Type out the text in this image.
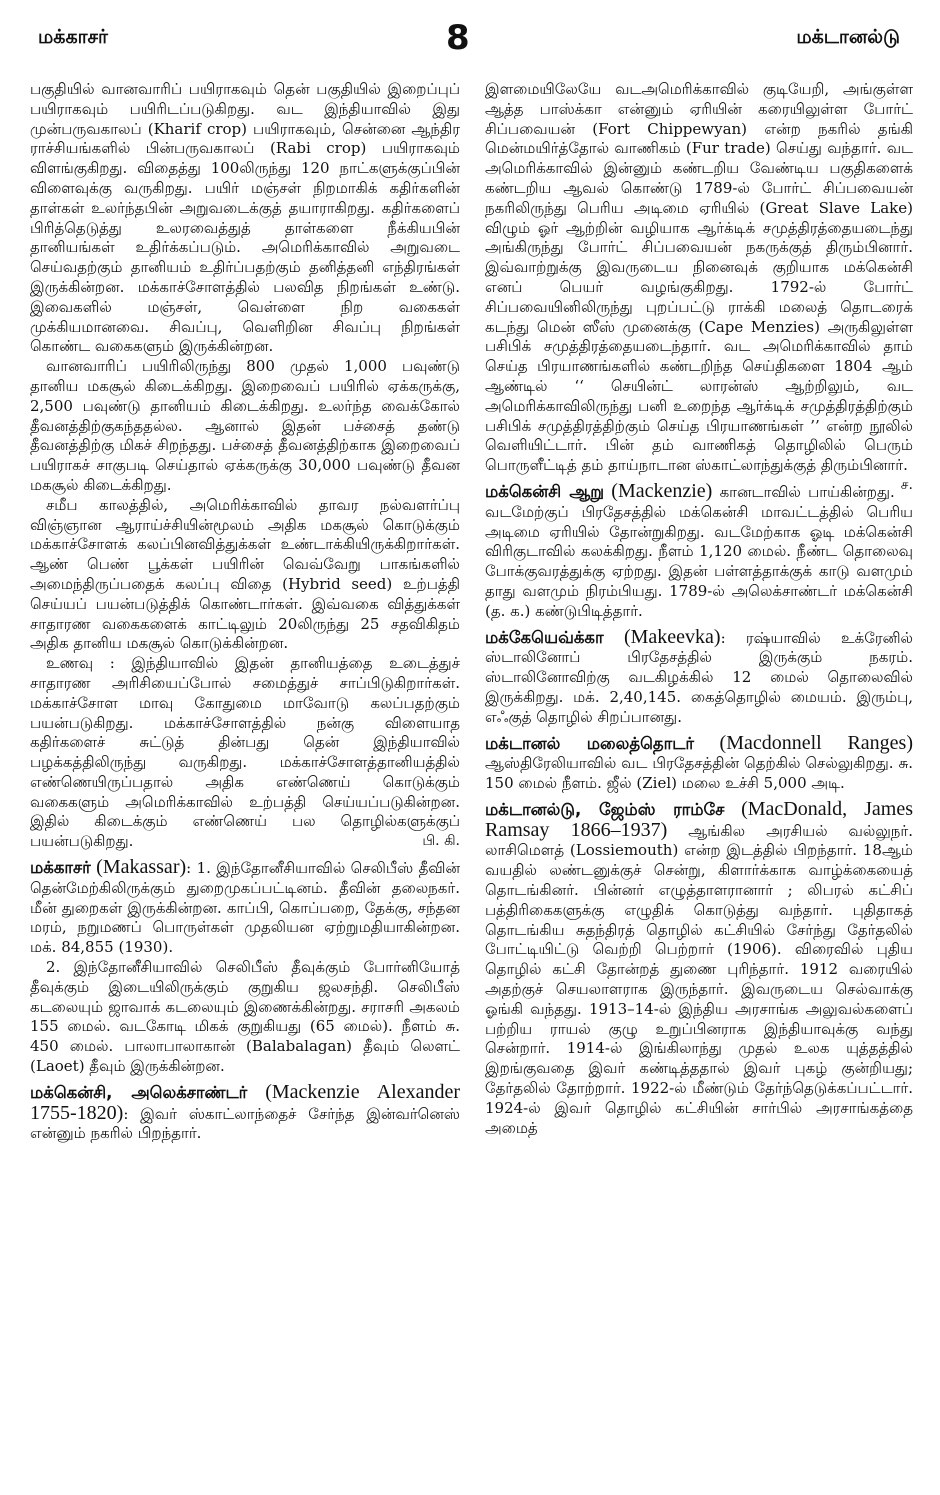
மக்காசர்	8	மக்டானல்டு

பகுதியில் வானவாரிப் பயிராகவும் தென் பகுதியில் இறைப்புப் பயிராகவும் பயிரிடப்படுகிறது. வட இந்தியாவில் இது முன்பருவகாலப் (Kharif crop) பயிராகவும், சென்னை ஆந்திர ராச்சியங்களில் பின்பருவகாலப் (Rabi crop) பயிராகவும் விளங்குகிறது. விதைத்து 100லிருந்து 120 நாட்களுக்குப்பின் விளைவுக்கு வருகிறது. பயிர் மஞ்சள் நிறமாகிக் கதிர்களின் தாள்கள் உலர்ந்தபின் அறுவடைக்குத் தயாராகிறது. கதிர்களைப் பிரித்தெடுத்து உலரவைத்துத் தாள்களை நீக்கியபின் தானியங்கள் உதிர்க்கப்படும். அமெரிக்காவில் அறுவடை செய்வதற்கும் தானியம் உதிர்ப்பதற்கும் தனித்தனி எந்திரங்கள் இருக்கின்றன. மக்காச்சோளத்தில் பலவித நிறங்கள் உண்டு. இவைகளில் மஞ்சள், வெள்ளை நிற வகைகள் முக்கியமானவை. சிவப்பு, வெளிறின சிவப்பு நிறங்கள் கொண்ட வகைகளும் இருக்கின்றன.

வானவாரிப் பயிரிலிருந்து 800 முதல் 1,000 பவுண்டு தானிய மகசூல் கிடைக்கிறது. இறைவைப் பயிரில் ஏக்கருக்கு, 2,500 பவுண்டு தானியம் கிடைக்கிறது. உலர்ந்த வைக்கோல் தீவனத்திற்குகந்ததல்ல. ஆனால் இதன் பச்சைத் தண்டு தீவனத்திற்கு மிகச் சிறந்தது. பச்சைத் தீவனத்திற்காக இறைவைப் பயிராகச் சாகுபடி செய்தால் ஏக்கருக்கு 30,000 பவுண்டு தீவன மகசூல் கிடைக்கிறது.

சமீப காலத்தில், அமெரிக்காவில் தாவர நல்வளர்ப்பு விஞ்ஞான ஆராய்ச்சியின்மூலம் அதிக மகசூல் கொடுக்கும் மக்காச்சோளக் கலப்பினவித்துக்கள் உண்டாக்கியிருக்கிறார்கள். ஆண் பெண் பூக்கள் பயிரின் வெவ்வேறு பாகங்களில் அமைந்திருப்பதைக் கலப்பு விதை (Hybrid seed) உற்பத்தி செய்யப் பயன்படுத்திக் கொண்டார்கள். இவ்வகை வித்துக்கள் சாதாரண வகைகளைக் காட்டிலும் 20லிருந்து 25 சதவிகிதம் அதிக தானிய மகசூல் கொடுக்கின்றன.

உணவு : இந்தியாவில் இதன் தானியத்தை உடைத்துச் சாதாரண அரிசியைப்போல் சமைத்துச் சாப்பிடுகிறார்கள். மக்காச்சோள மாவு கோதுமை மாவோடு கலப்பதற்கும் பயன்படுகிறது. மக்காச்சோளத்தில் நன்கு விளையாத கதிர்களைச் சுட்டுத் தின்பது தென் இந்தியாவில் பழக்கத்திலிருந்து வருகிறது. மக்காச்சோளத்தானியத்தில் எண்ணெயிருப்பதால் அதிக எண்ணெய் கொடுக்கும் வகைகளும் அமெரிக்காவில் உற்பத்தி செய்யப்படுகின்றன. இதில் கிடைக்கும் எண்ணெய் பல தொழில்களுக்குப் பயன்படுகிறது.	பி. கி.

மக்காசர் (Makassar): 1. இந்தோனீசியாவில் செலிபீஸ் தீவின் தென்மேற்கிலிருக்கும் துறைமுகப்பட்டினம். தீவின் தலைநகர். மீன் துறைகள் இருக்கின்றன. காப்பி, கொப்பறை, தேக்கு, சந்தன மரம், நறுமணப் பொருள்கள் முதலியன ஏற்றுமதியாகின்றன. மக். 84,855 (1930).

2. இந்தோனீசியாவில் செலிபீஸ் தீவுக்கும் போர்னியோத் தீவுக்கும் இடையிலிருக்கும் குறுகிய ஜலசந்தி. செலிபீஸ் கடலையும் ஜாவாக் கடலையும் இணைக்கின்றது. சராசரி அகலம் 155 மைல். வடகோடி மிகக் குறுகியது (65 மைல்). நீளம் சு. 450 மைல். பாலாபாலாகான் (Balabalagan) தீவும் லௌட் (Laoet) தீவும் இருக்கின்றன.

மக்கென்சி, அலெக்சாண்டர் (Mackenzie Alexander 1755-1820): இவர் ஸ்காட்லாந்தைச் சேர்ந்த இன்வர்னெஸ் என்னும் நகரில் பிறந்தார்.

இளமையிலேயே வடஅமெரிக்காவில் குடியேறி, அங்குள்ள ஆத்த பாஸ்க்கா என்னும் ஏரியின் கரையிலுள்ள போர்ட் சிப்பவையன் (Fort Chippewyan) என்ற நகரில் தங்கி மென்மயிர்த்தோல் வாணிகம் (Fur trade) செய்து வந்தார். வட அமெரிக்காவில் இன்னும் கண்டறிய வேண்டிய பகுதிகளைக் கண்டறிய ஆவல் கொண்டு 1789-ல் போர்ட் சிப்பவையன் நகரிலிருந்து பெரிய அடிமை ஏரியில் (Great Slave Lake) விழும் ஓர் ஆற்றின் வழியாக ஆர்க்டிக் சமுத்திரத்தையடைந்து அங்கிருந்து போர்ட் சிப்பவையன் நகருக்குத் திரும்பினார். இவ்வாற்றுக்கு இவருடைய நினைவுக் குறியாக மக்கென்சி எனப் பெயர் வழங்குகிறது. 1792-ல் போர்ட் சிப்பவையினிலிருந்து புறப்பட்டு ராக்கி மலைத் தொடரைக் கடந்து மென் ஸீஸ் முனைக்கு (Cape Menzies) அருகிலுள்ள பசிபிக் சமுத்திரத்தையடைந்தார். வட அமெரிக்காவில் தாம் செய்த பிரயாணங்களில் கண்டறிந்த செய்திகளை 1804 ஆம் ஆண்டில் ‘‘ செயின்ட் லாரன்ஸ் ஆற்றிலும், வட அமெரிக்காவிலிருந்து பனி உறைந்த ஆர்க்டிக் சமுத்திரத்திற்கும் பசிபிக் சமுத்திரத்திற்கும் செய்த பிரயாணங்கள் ’’ என்ற நூலில் வெளியிட்டார். பின் தம் வாணிகத் தொழிலில் பெரும் பொருளீட்டித் தம் தாய்நாடான ஸ்காட்லாந்துக்குத் திரும்பினார்.
ச.

மக்கென்சி ஆறு (Mackenzie) கானடாவில் பாய்கின்றது. வடமேற்குப் பிரதேசத்தில் மக்கென்சி மாவட்டத்தில் பெரிய அடிமை ஏரியில் தோன்றுகிறது. வடமேற்காக ஓடி மக்கென்சி விரிகுடாவில் கலக்கிறது. நீளம் 1,120 மைல். நீண்ட தொலைவு போக்குவரத்துக்கு ஏற்றது. இதன் பள்ளத்தாக்குக் காடு வளமும் தாது வளமும் நிரம்பியது. 1789-ல் அலெக்சாண்டர் மக்கென்சி (த. க.) கண்டுபிடித்தார்.

மக்கேயெவ்க்கா (Makeevka): ரஷ்யாவில் உக்ரேனில் ஸ்டாலினோப் பிரதேசத்தில் இருக்கும் நகரம். ஸ்டாலினோவிற்கு வடகிழக்கில் 12 மைல் தொலைவில் இருக்கிறது. மக். 2,40,145. கைத்தொழில் மையம். இரும்பு, எஃகுத் தொழில் சிறப்பானது.

மக்டானல் மலைத்தொடர் (Macdonnell Ranges) ஆஸ்திரேலியாவில் வட பிரதேசத்தின் தெற்கில் செல்லுகிறது. சு. 150 மைல் நீளம். ஜீல் (Ziel) மலை உச்சி 5,000 அடி.

மக்டானல்டு, ஜேம்ஸ் ராம்சே (MacDonald, James Ramsay 1866–1937) ஆங்கில அரசியல் வல்லுநர். லாசிமௌத் (Lossiemouth) என்ற இடத்தில் பிறந்தார். 18ஆம் வயதில் லண்டனுக்குச் சென்று, கிளார்க்காக வாழ்க்கையைத் தொடங்கினர். பின்னர் எழுத்தாளரானார் ; லிபரல் கட்சிப் பத்திரிகைகளுக்கு எழுதிக் கொடுத்து வந்தார். புதிதாகத் தொடங்கிய சுதந்திரத் தொழில் கட்சியில் சேர்ந்து தேர்தலில் போட்டியிட்டு வெற்றி பெற்றார் (1906). விரைவில் புதிய தொழில் கட்சி தோன்றத் துணை புரிந்தார். 1912 வரையில் அதற்குச் செயலாளராக இருந்தார். இவருடைய செல்வாக்கு ஓங்கி வந்தது. 1913–14-ல் இந்திய அரசாங்க அலுவல்களைப் பற்றிய ராயல் குழு உறுப்பினராக இந்தியாவுக்கு வந்து சென்றார். 1914-ல் இங்கிலாந்து முதல் உலக யுத்தத்தில் இறங்குவதை இவர் கண்டித்ததால் இவர் புகழ் குன்றியது; தேர்தலில் தோற்றார். 1922-ல் மீண்டும் தேர்ந்தெடுக்கப்பட்டார். 1924-ல் இவர் தொழில் கட்சியின் சார்பில் அரசாங்கத்தை அமைத்
